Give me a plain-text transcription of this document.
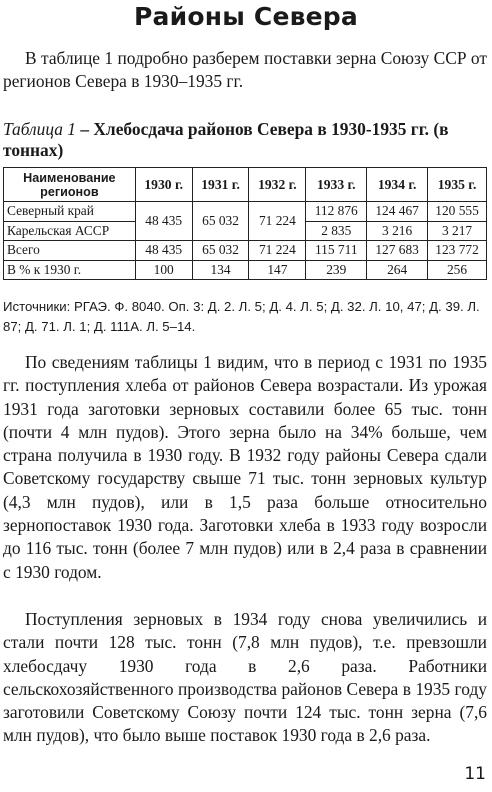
Районы Севера

В таблице 1 подробно разберем поставки зерна Союзу ССР от регионов Севера в 1930–1935 гг.

Таблица 1 – Хлебосдача районов Севера в 1930-1935 гг. (в тоннах)

Наименование регионов	1930 г.	1931 г.	1932 г.	1933 г.	1934 г.	1935 г.
Северный край	48 435	65 032	71 224	112 876	124 467	120 555
Карельская АССР				2 835	3 216	3 217
Всего	48 435	65 032	71 224	115 711	127 683	123 772
В % к 1930 г.	100	134	147	239	264	256

Источники: РГАЭ. Ф. 8040. Оп. 3: Д. 2. Л. 5; Д. 4. Л. 5; Д. 32. Л. 10, 47; Д. 39. Л. 87; Д. 71. Л. 1; Д. 111А. Л. 5–14.

По сведениям таблицы 1 видим, что в период с 1931 по 1935 гг. поступления хлеба от районов Севера возрастали. Из урожая 1931 года заготовки зерновых составили более 65 тыс. тонн (почти 4 млн пудов). Этого зерна было на 34% больше, чем страна получила в 1930 году. В 1932 году районы Севера сдали Советскому государству свыше 71 тыс. тонн зерновых культур (4,3 млн пудов), или в 1,5 раза больше относительно зернопоставок 1930 года. Заготовки хлеба в 1933 году возросли до 116 тыс. тонн (более 7 млн пудов) или в 2,4 раза в сравнении с 1930 годом.

Поступления зерновых в 1934 году снова увеличились и стали почти 128 тыс. тонн (7,8 млн пудов), т.е. превзошли хлебосдачу 1930 года в 2,6 раза. Работники сельскохозяйственного производства районов Севера в 1935 году заготовили Советскому Союзу почти 124 тыс. тонн зерна (7,6 млн пудов), что было выше поставок 1930 года в 2,6 раза.

11
